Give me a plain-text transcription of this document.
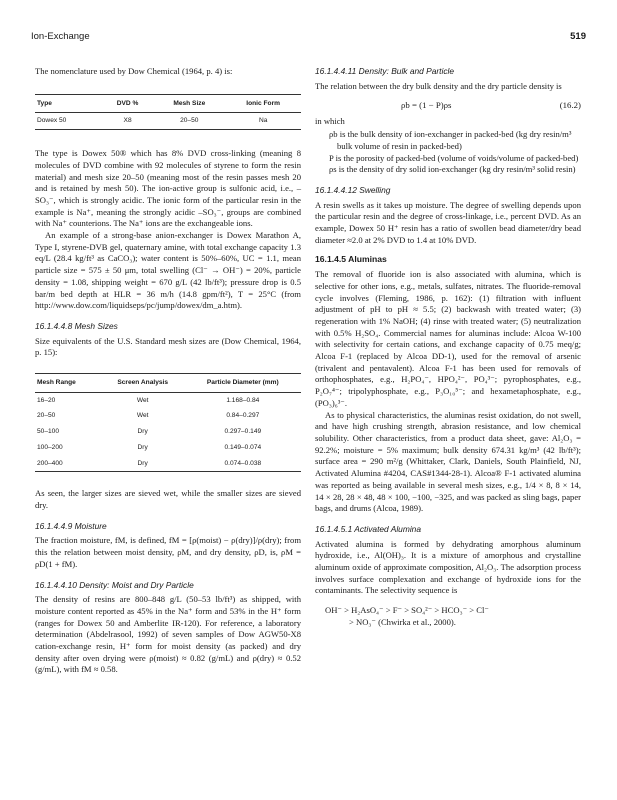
Ion-Exchange	519

The nomenclature used by Dow Chemical (1964, p. 4) is:

Type	DVD %	Mesh Size	Ionic Form
Dowex 50	X8	20–50	Na

The type is Dowex 50® which has 8% DVD cross-linking (meaning 8 molecules of DVD combine with 92 molecules of styrene to form the resin material) and mesh size 20–50 (meaning most of the resin passes mesh 20 and is retained by mesh 50). The ion-active group is sulfonic acid, i.e., –SO₃⁻, which is strongly acidic. The ionic form of the particular resin in the example is Na⁺, meaning the strongly acidic –SO₃⁻, groups are combined with Na⁺ counterions. The Na⁺ ions are the exchangeable ions.

An example of a strong-base anion-exchanger is Dowex Marathon A, Type I, styrene-DVB gel, quaternary amine, with total exchange capacity 1.3 eq/L (28.4 kg/ft³ as CaCO₃); water content is 50%–60%, UC = 1.1, mean particle size = 575 ± 50 μm, total swelling (Cl⁻ → OH⁻) = 20%, particle density = 1.08, shipping weight = 670 g/L (42 lb/ft³); pressure drop is 0.5 bar/m bed depth at HLR = 36 m/h (14.8 gpm/ft²), T = 25°C (from http://www.dow.com/liquidseps/pc/jump/dowex/dm_a.htm).

16.1.4.4.8 Mesh Sizes

Size equivalents of the U.S. Standard mesh sizes are (Dow Chemical, 1964, p. 15):

Mesh Range	Screen Analysis	Particle Diameter (mm)
16–20	Wet	1.168–0.84
20–50	Wet	0.84–0.297
50–100	Dry	0.297–0.149
100–200	Dry	0.149–0.074
200–400	Dry	0.074–0.038

As seen, the larger sizes are sieved wet, while the smaller sizes are sieved dry.

16.1.4.4.9 Moisture

The fraction moisture, fM, is defined, fM = [ρ(moist) − ρ(dry)]/ρ(dry); from this the relation between moist density, ρM, and dry density, ρD, is, ρM = ρD(1 + fM).

16.1.4.4.10 Density: Moist and Dry Particle

The density of resins are 800–848 g/L (50–53 lb/ft³) as shipped, with moisture content reported as 45% in the Na⁺ form and 53% in the H⁺ form (ranges for Dowex 50 and Amberlite IR-120). For reference, a laboratory determination (Abdelrasool, 1992) of seven samples of Dow AGW50-X8 cation-exchange resin, H⁺ form for moist density (as packed) and dry density after oven drying were ρ(moist) ≈ 0.82 (g/mL) and ρ(dry) ≈ 0.52 (g/mL), with fM ≈ 0.58.

16.1.4.4.11 Density: Bulk and Particle

The relation between the dry bulk density and the dry particle density is

ρb = (1 − P)ρs	(16.2)

in which

ρb is the bulk density of ion-exchanger in packed-bed (kg dry resin/m³ bulk volume of resin in packed-bed)

P is the porosity of packed-bed (volume of voids/volume of packed-bed)

ρs is the density of dry solid ion-exchanger (kg dry resin/m³ solid resin)

16.1.4.4.12 Swelling

A resin swells as it takes up moisture. The degree of swelling depends upon the particular resin and the degree of cross-linkage, i.e., percent DVD. As an example, Dowex 50 H⁺ resin has a ratio of swollen bead diameter/dry bead diameter ≈2.0 at 2% DVD to 1.4 at 10% DVD.

16.1.4.5 Aluminas

The removal of fluoride ion is also associated with alumina, which is selective for other ions, e.g., metals, sulfates, nitrates. The fluoride-removal cycle involves (Fleming, 1986, p. 162): (1) filtration with influent adjustment of pH to pH ≈ 5.5; (2) backwash with treated water; (3) regeneration with 1% NaOH; (4) rinse with treated water; (5) neutralization with 0.5% H₂SO₄. Commercial names for aluminas include: Alcoa W-100 with selectivity for certain cations, and exchange capacity of 0.75 meq/g; Alcoa F-1 (replaced by Alcoa DD-1), used for the removal of arsenic (trivalent and pentavalent). Alcoa F-1 has been used for removals of orthophosphates, e.g., H₂PO₄⁻, HPO₄²⁻, PO₄³⁻; pyrophosphates, e.g., P₂O₇⁴⁻; tripolyphosphate, e.g., P₃O₁₀⁵⁻; and hexametaphosphate, e.g., (PO₃)₆³⁻.

As to physical characteristics, the aluminas resist oxidation, do not swell, and have high crushing strength, abrasion resistance, and low chemical solubility. Other characteristics, from a product data sheet, gave: Al₂O₃ = 92.2%; moisture = 5% maximum; bulk density 674.31 kg/m³ (42 lb/ft³); surface area = 290 m²/g (Whittaker, Clark, Daniels, South Plainfield, NJ, Activated Alumina #4204, CAS#1344-28-1). Alcoa® F-1 activated alumina was reported as being available in several mesh sizes, e.g., 1/4 × 8, 8 × 14, 14 × 28, 28 × 48, 48 × 100, −100, −325, and was packed as sling bags, paper bags, and drums (Alcoa, 1989).

16.1.4.5.1 Activated Alumina

Activated alumina is formed by dehydrating amorphous aluminum hydroxide, i.e., Al(OH)₃. It is a mixture of amorphous and crystalline aluminum oxide of approximate composition, Al₂O₃. The adsorption process involves surface complexation and exchange of hydroxide ions for the contaminants. The selectivity sequence is

OH⁻ > H₂AsO₄⁻ > F⁻ > SO₄²⁻ > HCO₃⁻ > Cl⁻
> NO₃⁻ (Chwirka et al., 2000).
